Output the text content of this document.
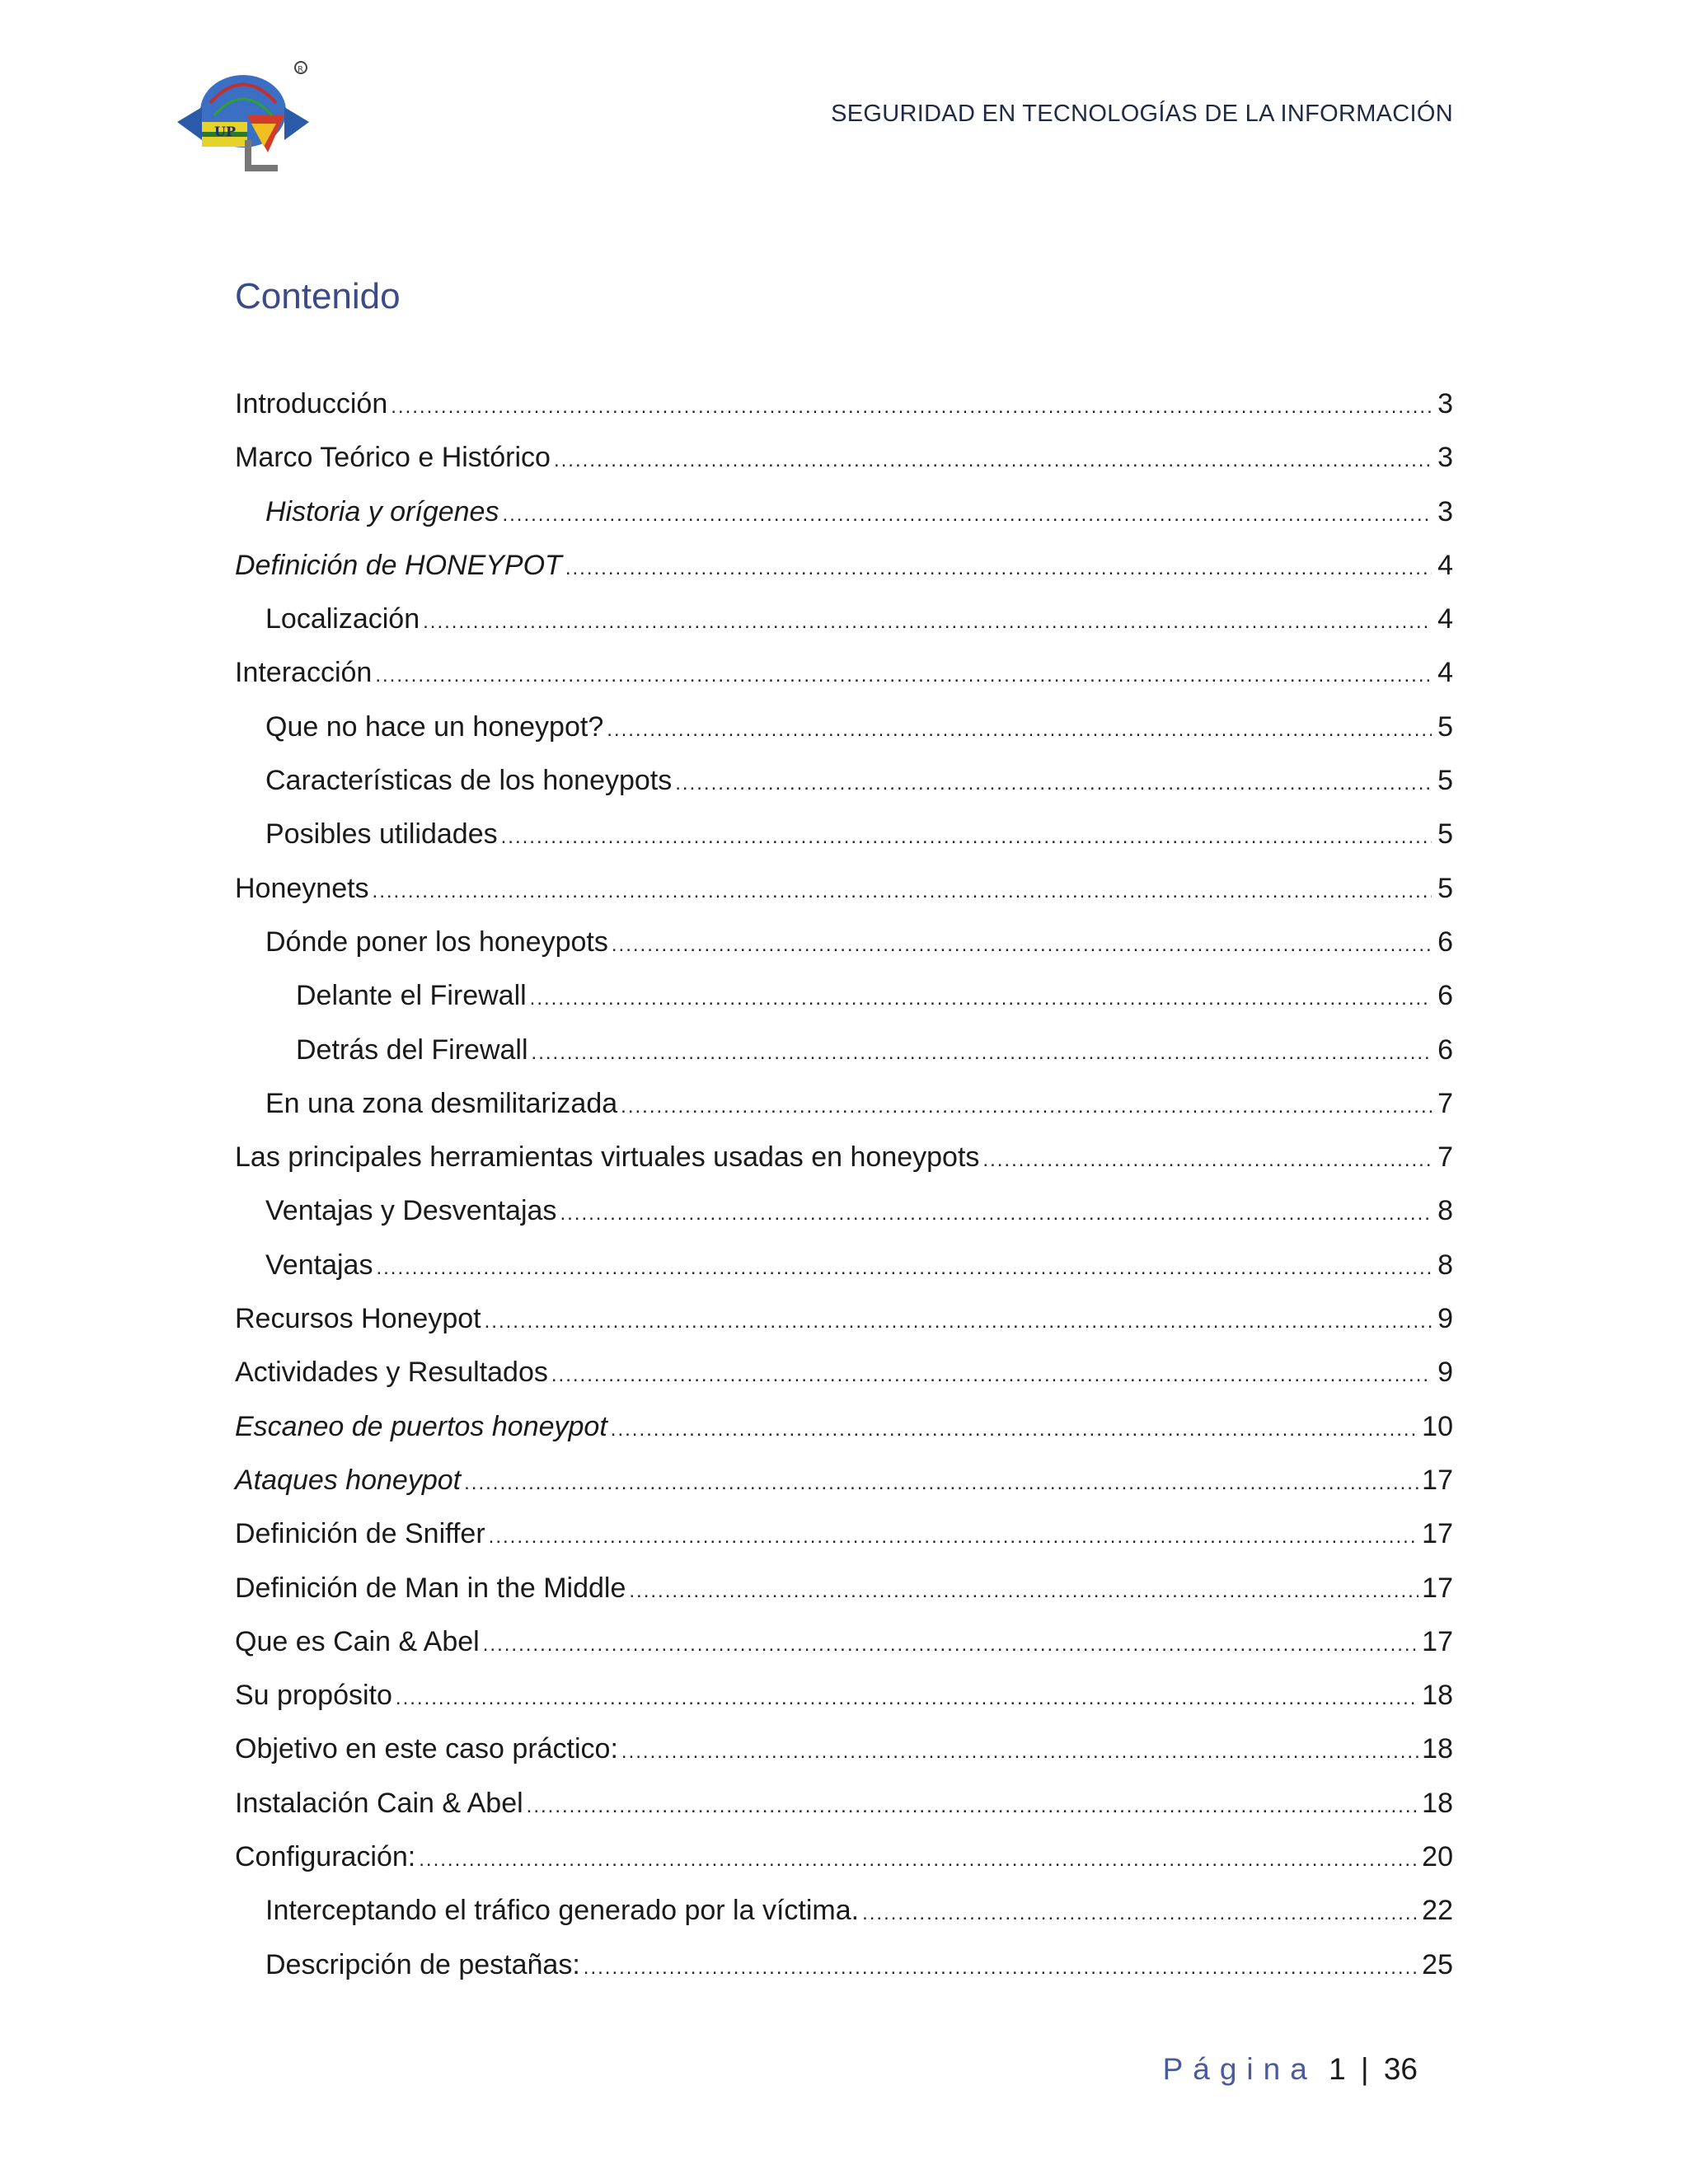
R
UP
SEGURIDAD EN TECNOLOGÍAS DE LA INFORMACIÓN
Contenido
Introducción .....	3
Marco Teórico e Histórico .....	3
Historia y orígenes .....	3
Definición de HONEYPOT .....	4
Localización .....	4
Interacción .....	4
Que no hace un honeypot? .....	5
Características de los honeypots .....	5
Posibles utilidades .....	5
Honeynets .....	5
Dónde poner los honeypots .....	6
Delante el Firewall .....	6
Detrás del Firewall .....	6
En una zona desmilitarizada .....	7
Las principales herramientas virtuales usadas en honeypots .....	7
Ventajas y Desventajas .....	8
Ventajas .....	8
Recursos Honeypot .....	9
Actividades y Resultados .....	9
Escaneo de puertos honeypot .....	10
Ataques honeypot .....	17
Definición de Sniffer .....	17
Definición de Man in the Middle .....	17
Que es Cain & Abel .....	17
Su propósito .....	18
Objetivo en este caso práctico: .....	18
Instalación Cain & Abel .....	18
Configuración: .....	20
Interceptando el tráfico generado por la víctima. .....	22
Descripción de pestañas: .....	25
Página 1 | 36
